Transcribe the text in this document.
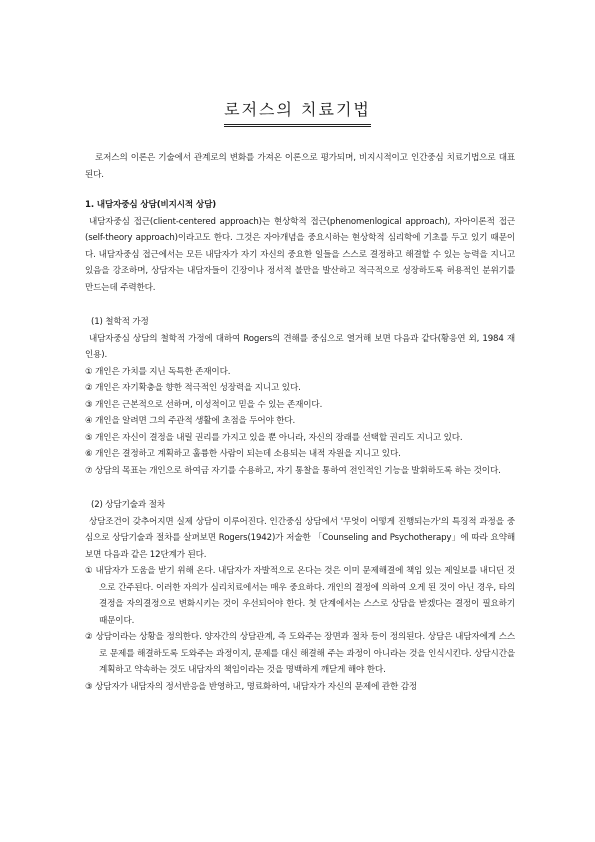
로저스의 치료기법

로저스의 이론은 기술에서 관계로의 변화를 가져온 이론으로 평가되며, 비지시적이고 인간중심 치료기법으로 대표된다.

1. 내담자중심 상담(비지시적 상담)

내담자중심 접근(client-centered approach)는 현상학적 접근(phenomenlogical approach), 자아이론적 접근(self-theory approach)이라고도 한다. 그것은 자아개념을 중요시하는 현상학적 심리학에 기초를 두고 있기 때문이다. 내담자중심 접근에서는 모든 내담자가 자기 자신의 중요한 일들을 스스로 결정하고 해결할 수 있는 능력을 지니고 있음을 강조하며, 상담자는 내담자들이 긴장이나 정서적 불만을 발산하고 적극적으로 성장하도록 허용적인 분위기를 만드는데 주력한다.

(1) 철학적 가정

내담자중심 상담의 철학적 가정에 대하여 Rogers의 견해를 중심으로 열거해 보면 다음과 같다(황응연 외, 1984 재인용).

① 개인은 가치를 지닌 독특한 존재이다.

② 개인은 자기확충을 향한 적극적인 성장력을 지니고 있다.

③ 개인은 근본적으로 선하며, 이성적이고 믿을 수 있는 존재이다.

④ 개인을 알려면 그의 주관적 생활에 초점을 두어야 한다.

⑤ 개인은 자신이 결정을 내릴 권리를 가지고 있을 뿐 아니라, 자신의 장래를 선택할 권리도 지니고 있다.

⑥ 개인은 결정하고 계획하고 훌륭한 사람이 되는데 소용되는 내적 자원을 지니고 있다.

⑦ 상담의 목표는 개인으로 하여금 자기를 수용하고, 자기 통찰을 통하여 전인적인 기능을 발휘하도록 하는 것이다.

(2) 상담기술과 절차

상담조건이 갖추어지면 실제 상담이 이루어진다. 인간중심 상담에서 '무엇이 어떻게 진행되는가'의 특징적 과정을 중심으로 상담기술과 절차를 살펴보면 Rogers(1942)가 저술한 「Counseling and Psychotherapy」에 따라 요약해 보면 다음과 같은 12단계가 된다.

① 내담자가 도움을 받기 위해 온다. 내담자가 자발적으로 온다는 것은 이미 문제해결에 책임 있는 제일보를 내디딘 것으로 간주된다. 이러한 자의가 심리치료에서는 매우 중요하다. 개인의 결정에 의하여 오게 된 것이 아닌 경우, 타의결정을 자의결정으로 변화시키는 것이 우선되어야 한다. 첫 단계에서는 스스로 상담을 받겠다는 결정이 필요하기 때문이다.

② 상담이라는 상황을 정의한다. 양자간의 상담관계, 즉 도와주는 장면과 절차 등이 정의된다. 상담은 내담자에게 스스로 문제를 해결하도록 도와주는 과정이지, 문제를 대신 해결해 주는 과정이 아니라는 것을 인식시킨다. 상담시간을 계획하고 약속하는 것도 내담자의 책임이라는 것을 명백하게 깨닫게 해야 한다.

③ 상담자가 내담자의 정서반응을 반영하고, 명료화하여, 내담자가 자신의 문제에 관한 감정
